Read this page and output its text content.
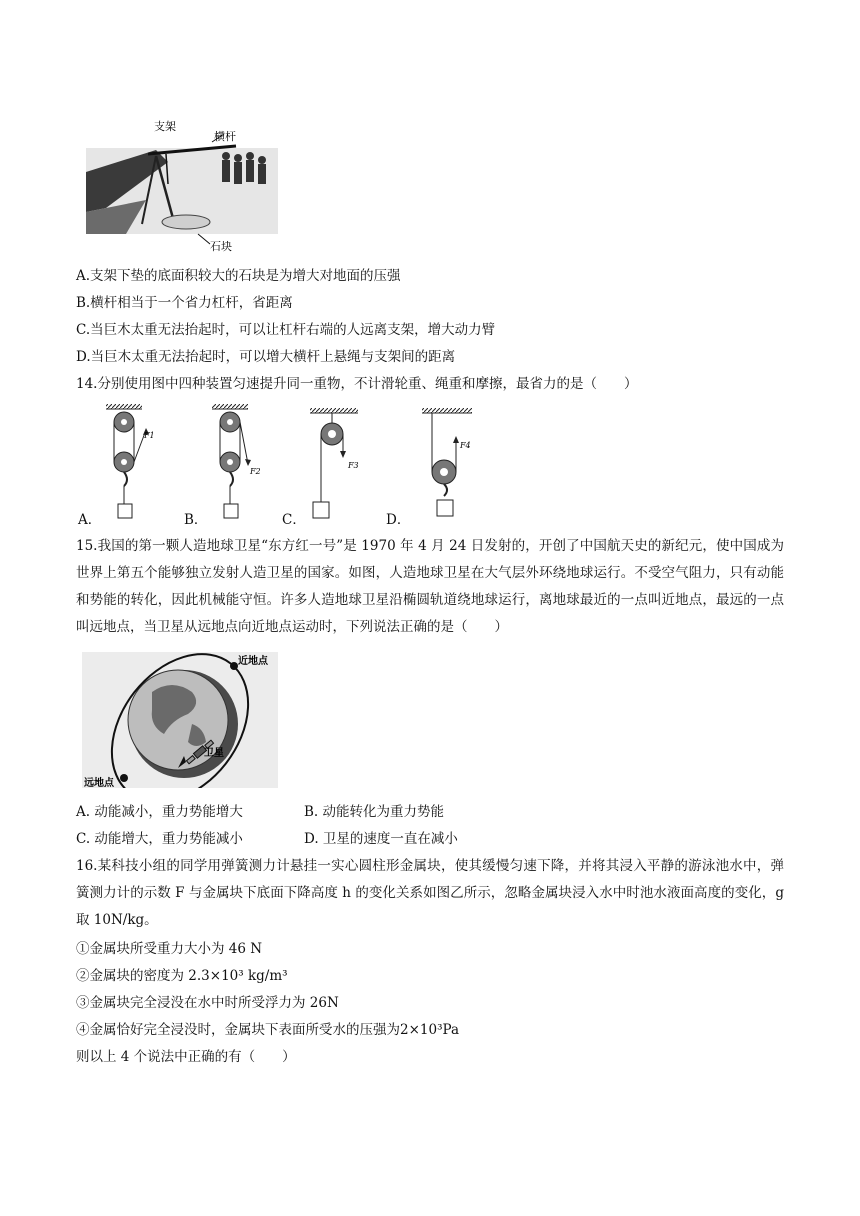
支架
横杆
石块
A.支架下垫的底面积较大的石块是为增大对地面的压强
B.横杆相当于一个省力杠杆，省距离
C.当巨木太重无法抬起时，可以让杠杆右端的人远离支架，增大动力臂
D.当巨木太重无法抬起时，可以增大横杆上悬绳与支架间的距离
14.分别使用图中四种装置匀速提升同一重物，不计滑轮重、绳重和摩擦，最省力的是（　　）
F1
F2
F3
F4
A．	B．	C．	D．
15.我国的第一颗人造地球卫星“东方红一号”是 1970 年 4 月 24 日发射的，开创了中国航天史的新纪元，使中国成为世界上第五个能够独立发射人造卫星的国家。如图，人造地球卫星在大气层外环绕地球运行。不受空气阻力，只有动能和势能的转化，因此机械能守恒。许多人造地球卫星沿椭圆轨道绕地球运行，离地球最近的一点叫近地点，最远的一点叫远地点，当卫星从远地点向近地点运动时，下列说法正确的是（　　）
近地点
卫星
远地点
A. 动能减小，重力势能增大	B. 动能转化为重力势能
C. 动能增大，重力势能减小	D. 卫星的速度一直在减小
16.某科技小组的同学用弹簧测力计悬挂一实心圆柱形金属块，使其缓慢匀速下降，并将其浸入平静的游泳池水中，弹簧测力计的示数 F 与金属块下底面下降高度 h 的变化关系如图乙所示，忽略金属块浸入水中时池水液面高度的变化，g 取 10N/kg。
①金属块所受重力大小为 46 N
②金属块的密度为 2.3×10³ kg/m³
③金属块完全浸没在水中时所受浮力为 26N
④金属恰好完全浸没时，金属块下表面所受水的压强为2×10³Pa
则以上 4 个说法中正确的有（　　）
